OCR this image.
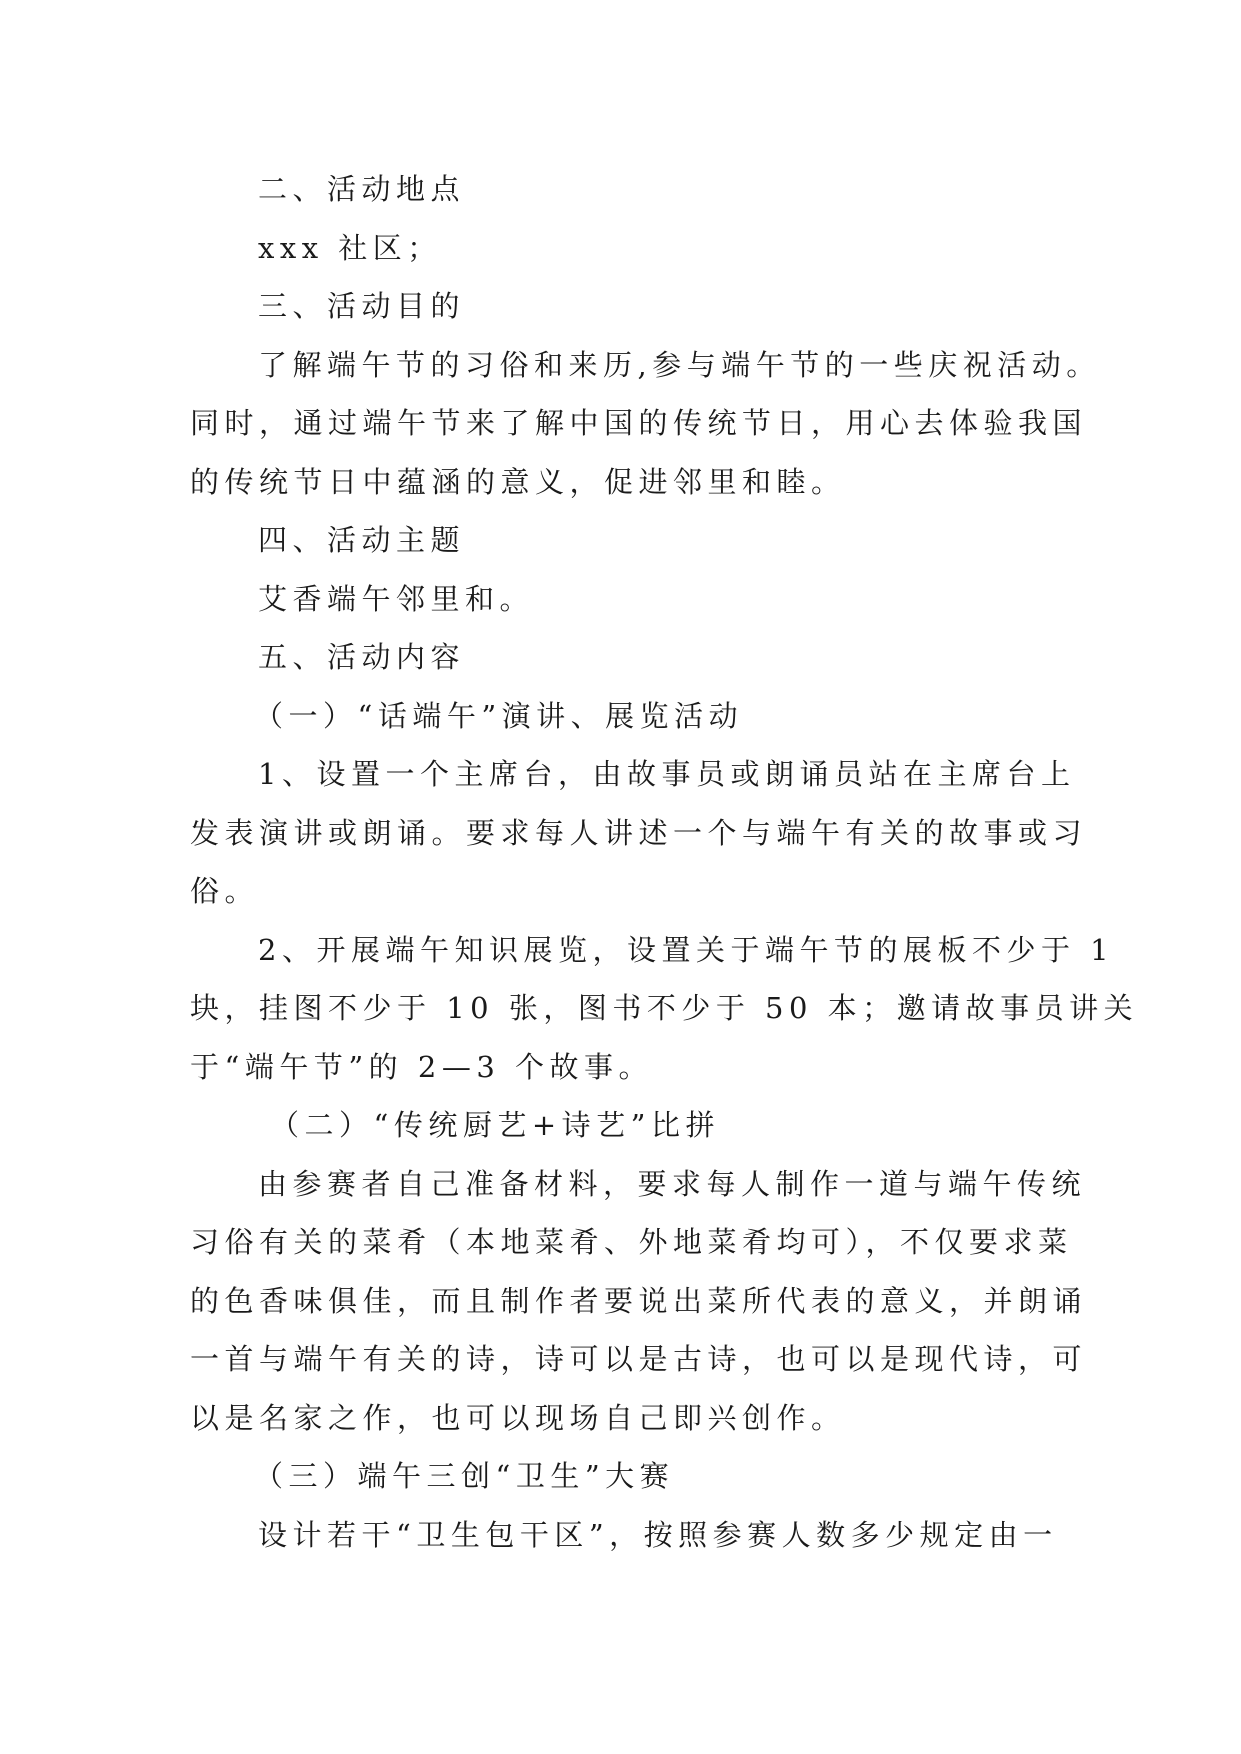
二、活动地点
xxx 社区；
三、活动目的
了解端午节的习俗和来历,参与端午节的一些庆祝活动。
同时，通过端午节来了解中国的传统节日，用心去体验我国
的传统节日中蕴涵的意义，促进邻里和睦。
四、活动主题
艾香端午邻里和。
五、活动内容
（一）“话端午”演讲、展览活动
1、设置一个主席台，由故事员或朗诵员站在主席台上
发表演讲或朗诵。要求每人讲述一个与端午有关的故事或习
俗。
2、开展端午知识展览，设置关于端午节的展板不少于 1
块，挂图不少于 10 张，图书不少于 50 本；邀请故事员讲关
于“端午节”的 2—3 个故事。
（二）“传统厨艺+诗艺”比拼
由参赛者自己准备材料，要求每人制作一道与端午传统
习俗有关的菜肴（本地菜肴、外地菜肴均可），不仅要求菜
的色香味俱佳，而且制作者要说出菜所代表的意义，并朗诵
一首与端午有关的诗，诗可以是古诗，也可以是现代诗，可
以是名家之作，也可以现场自己即兴创作。
（三）端午三创“卫生”大赛
设计若干“卫生包干区”，按照参赛人数多少规定由一
